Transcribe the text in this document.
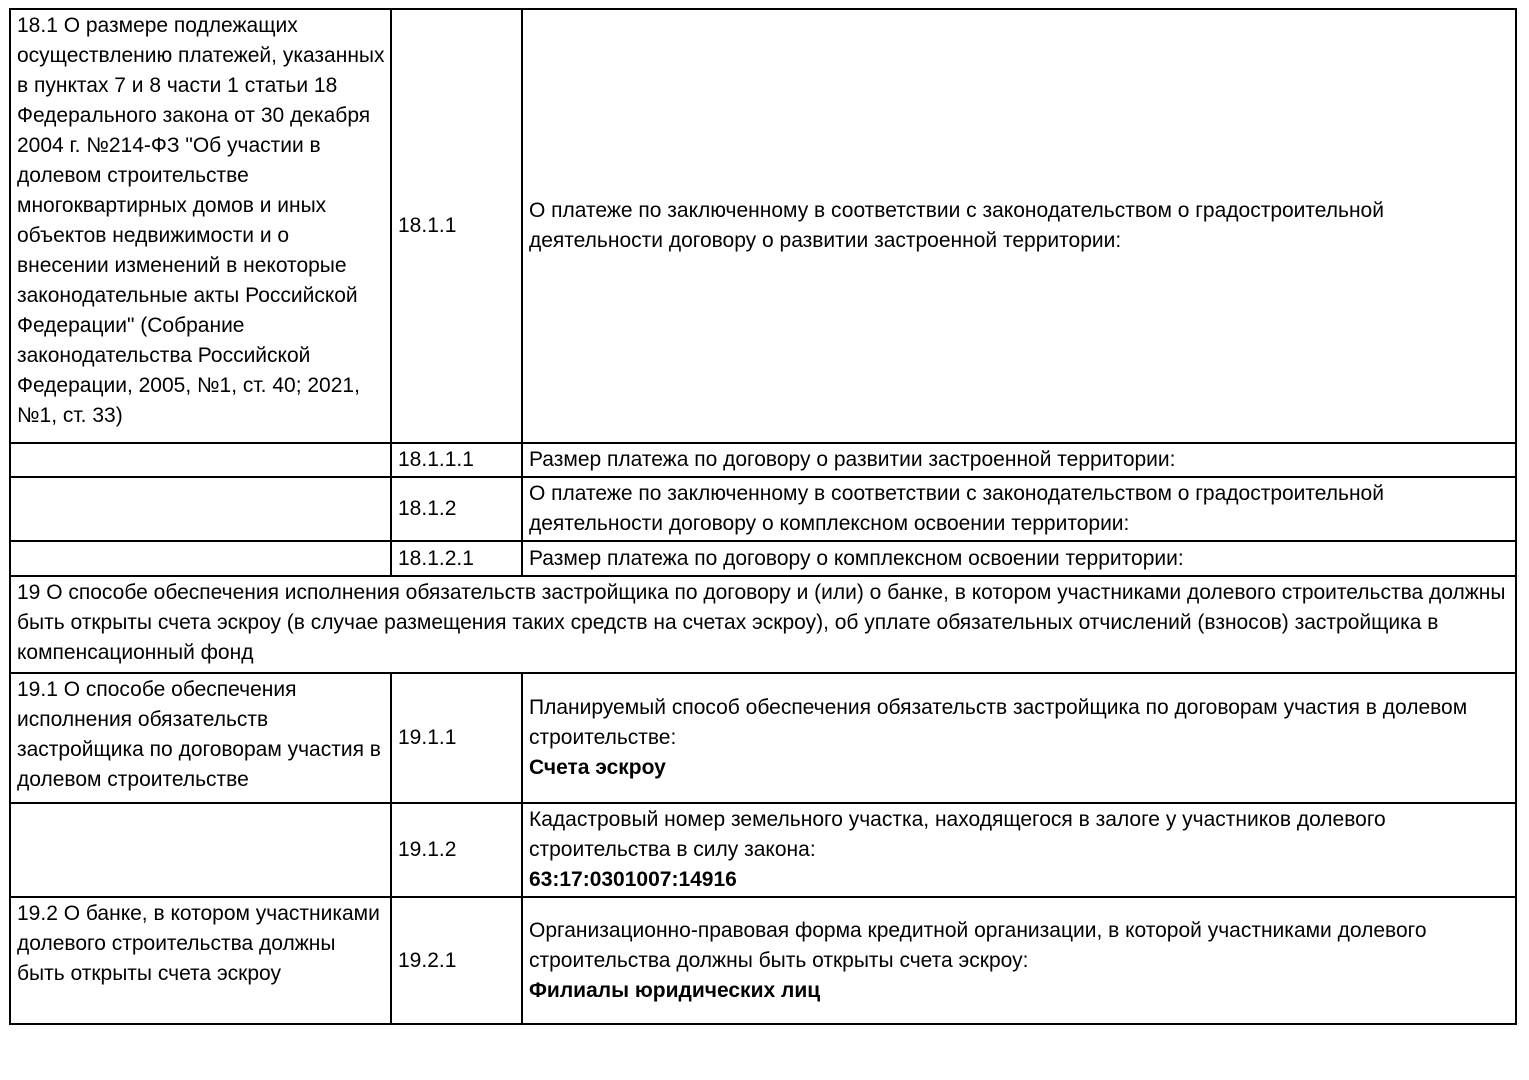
18.1 О размере подлежащих осуществлению платежей, указанных в пунктах 7 и 8 части 1 статьи 18 Федерального закона от 30 декабря 2004 г. №214-ФЗ "Об участии в долевом строительстве многоквартирных домов и иных объектов недвижимости и о внесении изменений в некоторые законодательные акты Российской Федерации" (Собрание законодательства Российской Федерации, 2005, №1, ст. 40; 2021, №1, ст. 33)	18.1.1	О платеже по заключенному в соответствии с законодательством о градостроительной деятельности договору о развитии застроенной территории:

	18.1.1.1	Размер платежа по договору о развитии застроенной территории:

	18.1.2	О платеже по заключенному в соответствии с законодательством о градостроительной деятельности договору о комплексном освоении территории:

	18.1.2.1	Размер платежа по договору о комплексном освоении территории:

19 О способе обеспечения исполнения обязательств застройщика по договору и (или) о банке, в котором участниками долевого строительства должны быть открыты счета эскроу (в случае размещения таких средств на счетах эскроу), об уплате обязательных отчислений (взносов) застройщика в компенсационный фонд		
19.1 О способе обеспечения исполнения обязательств застройщика по договорам участия в долевом строительстве	19.1.1	Планируемый способ обеспечения обязательств застройщика по договорам участия в долевом строительстве:
Счета эскроу

	19.1.2	Кадастровый номер земельного участка, находящегося в залоге у участников долевого строительства в силу закона:
63:17:0301007:14916

19.2 О банке, в котором участниками долевого строительства должны быть открыты счета эскроу	19.2.1	Организационно-правовая форма кредитной организации, в которой участниками долевого строительства должны быть открыты счета эскроу:
Филиалы юридических лиц
